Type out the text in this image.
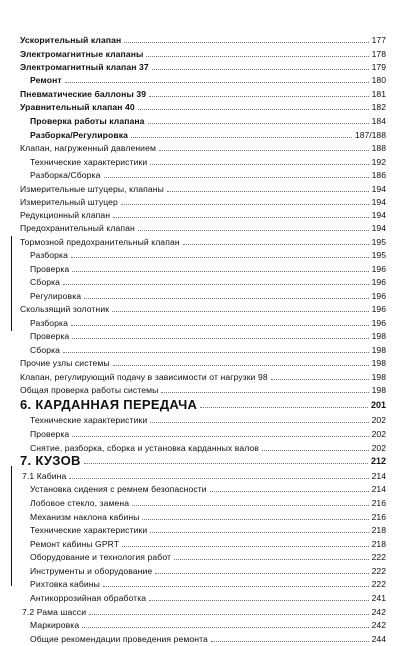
Ускорительный клапан	177
Электромагнитные клапаны	178
Электромагнитный клапан 37	179
Ремонт	180
Пневматические баллоны 39	181
Уравнительный клапан 40	182
Проверка работы клапана	184
Разборка/Регулировка	187/188
Клапан, нагруженный давлением	188
Технические характеристики	192
Разборка/Сборка	186
Измерительные штуцеры, клапаны	194
Измерительный штуцер	194
Редукционный клапан	194
Предохранительный клапан	194
Тормозной предохранительный клапан	195
Разборка	195
Проверка	196
Сборка	196
Регулировка	196
Скользящий золотник	196
Разборка	196
Проверка	198
Сборка	198
Прочие узлы системы	198
Клапан, регулирующий подачу в зависимости от нагрузки 98	198
Общая проверка работы системы	198
6. КАРДАННАЯ ПЕРЕДАЧА	201
Технические характеристики	202
Проверка	202
Снятие, разборка, сборка и установка карданных валов	202
7. КУЗОВ	212
7.1 Кабина	214
Установка сидения с ремнем безопасности	214
Лобовое стекло, замена	216
Механизм наклона кабины	216
Технические характеристики	218
Ремонт кабины GPRT	218
Оборудование и технология работ	222
Инструменты и оборудование	222
Рихтовка кабины	222
Антикоррозийная обработка	241
7.2 Рама шасси	242
Маркировка	242
Общие рекомендации проведения ремонта	244
